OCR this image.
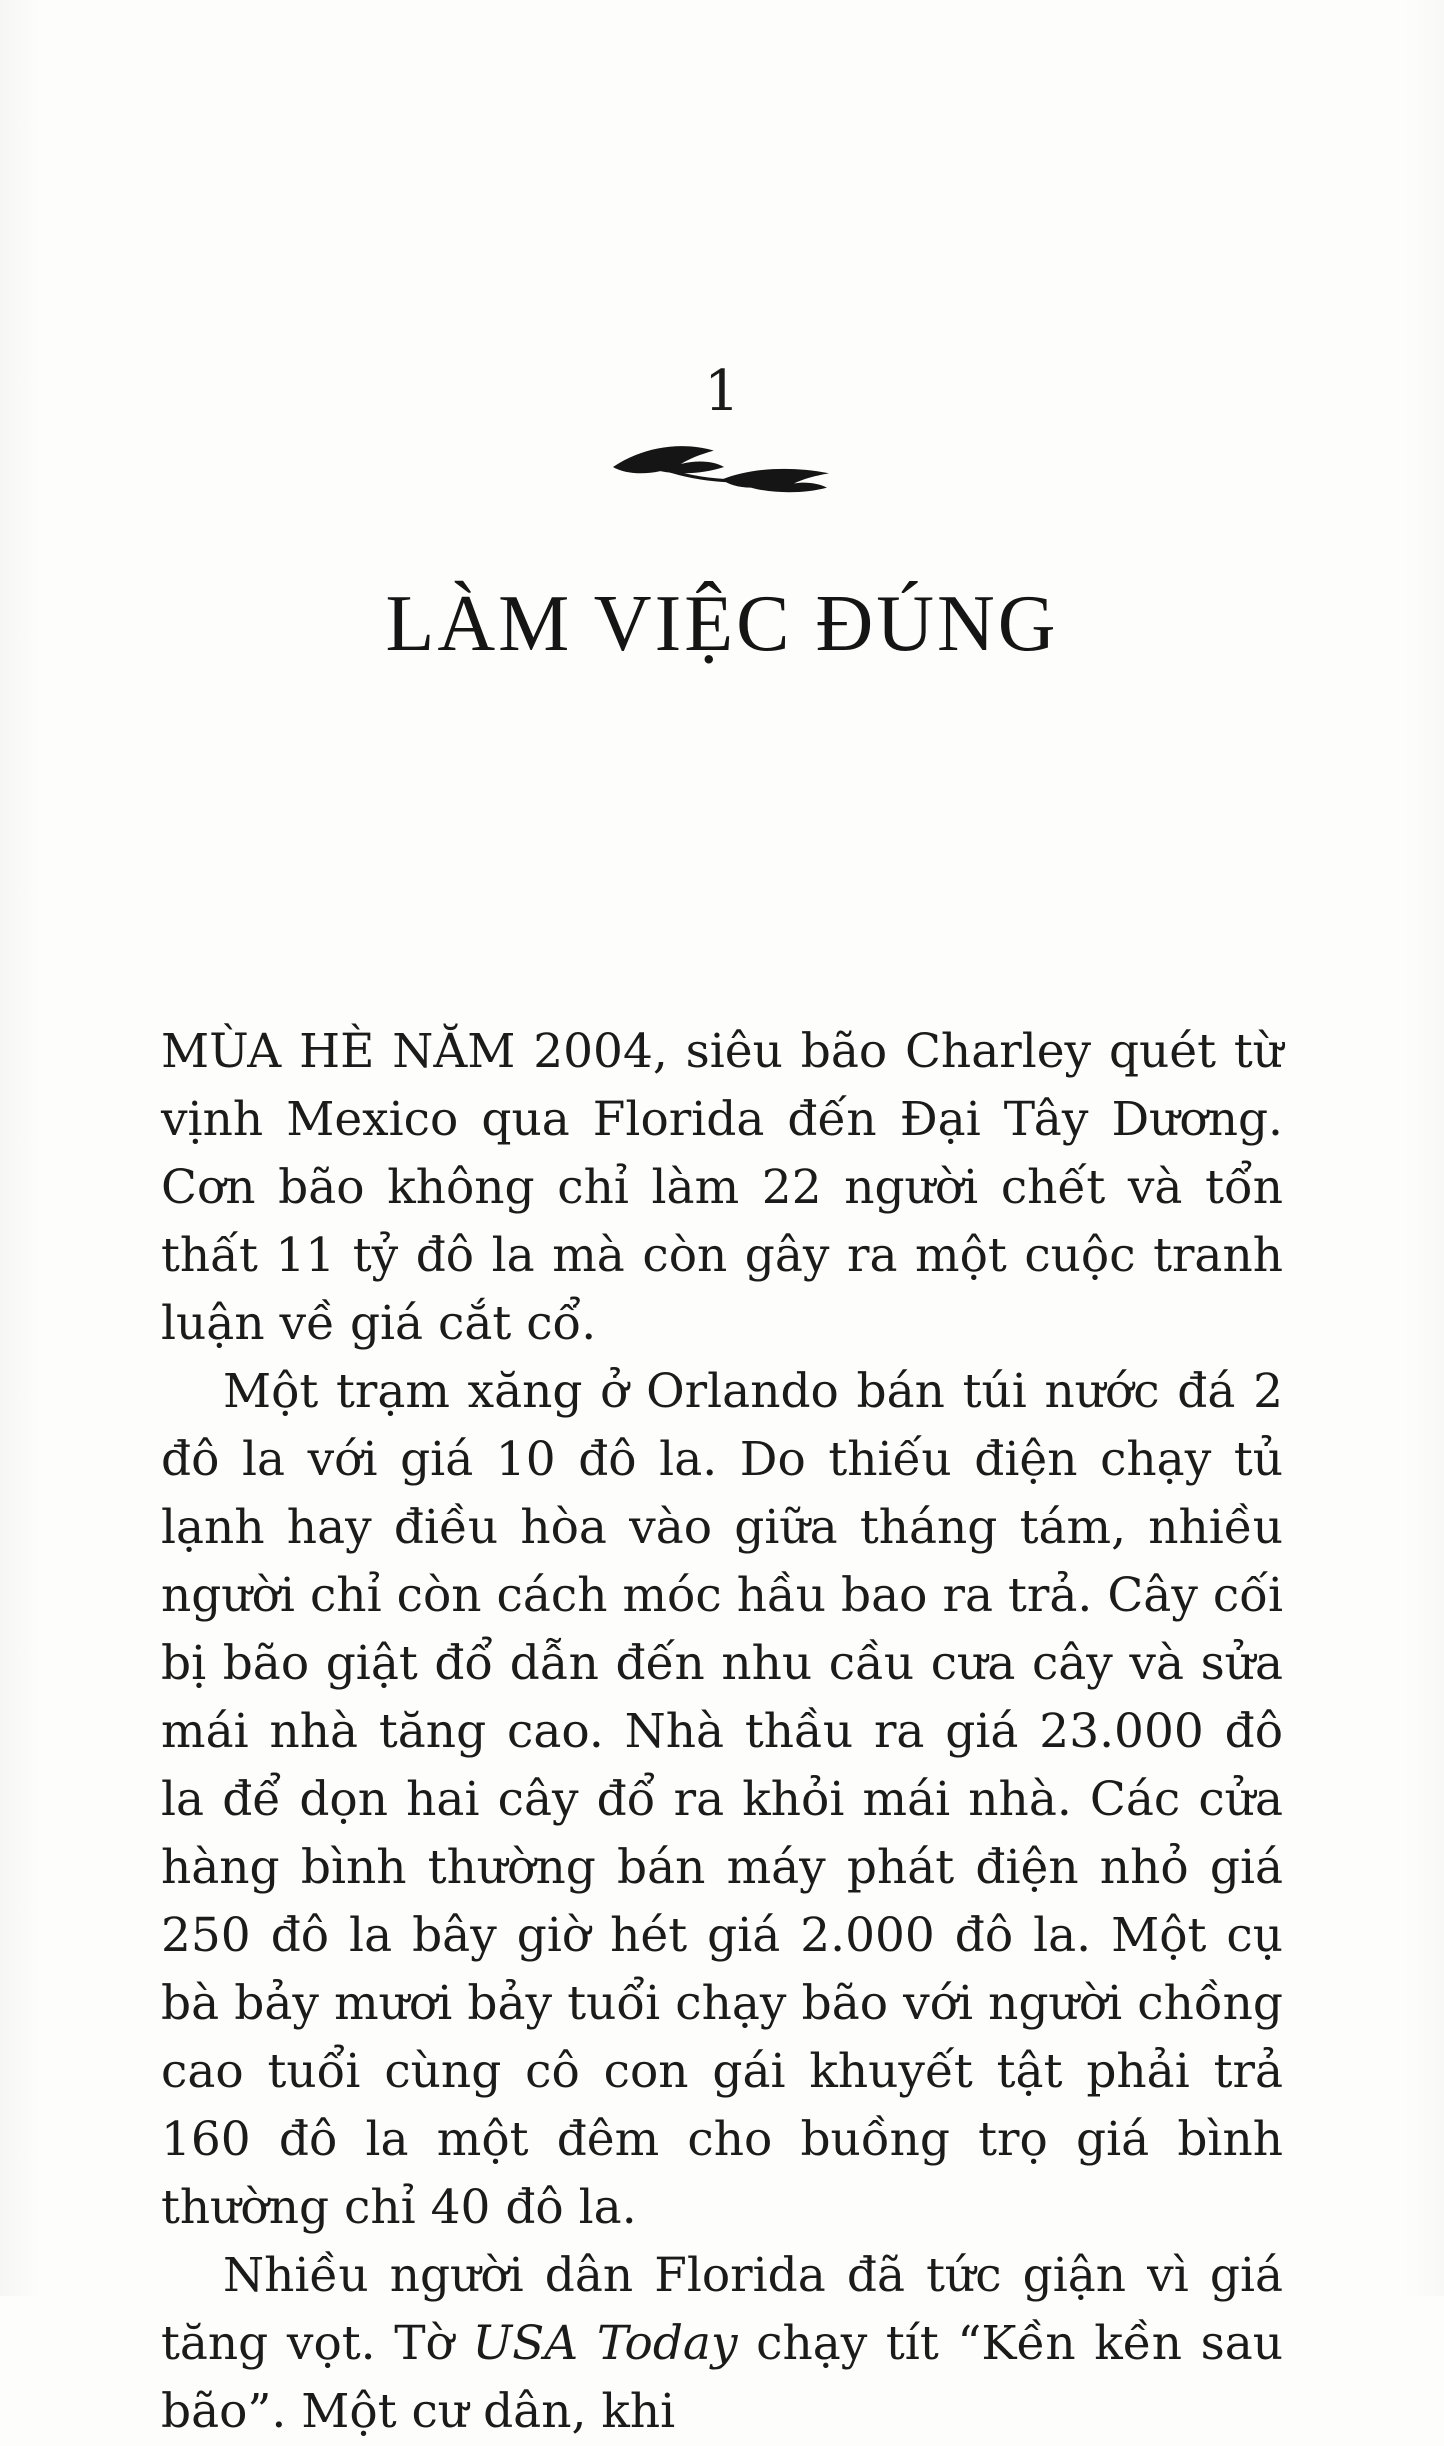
1
LÀM VIỆC ĐÚNG

MÙA HÈ NĂM 2004, siêu bão Charley quét từ vịnh Mexico qua Florida đến Đại Tây Dương. Cơn bão không chỉ làm 22 người chết và tổn thất 11 tỷ đô la mà còn gây ra một cuộc tranh luận về giá cắt cổ.

Một trạm xăng ở Orlando bán túi nước đá 2 đô la với giá 10 đô la. Do thiếu điện chạy tủ lạnh hay điều hòa vào giữa tháng tám, nhiều người chỉ còn cách móc hầu bao ra trả. Cây cối bị bão giật đổ dẫn đến nhu cầu cưa cây và sửa mái nhà tăng cao. Nhà thầu ra giá 23.000 đô la để dọn hai cây đổ ra khỏi mái nhà. Các cửa hàng bình thường bán máy phát điện nhỏ giá 250 đô la bây giờ hét giá 2.000 đô la. Một cụ bà bảy mươi bảy tuổi chạy bão với người chồng cao tuổi cùng cô con gái khuyết tật phải trả 160 đô la một đêm cho buồng trọ giá bình thường chỉ 40 đô la.

Nhiều người dân Florida đã tức giận vì giá tăng vọt. Tờ USA Today chạy tít “Kền kền sau bão”. Một cư dân, khi
